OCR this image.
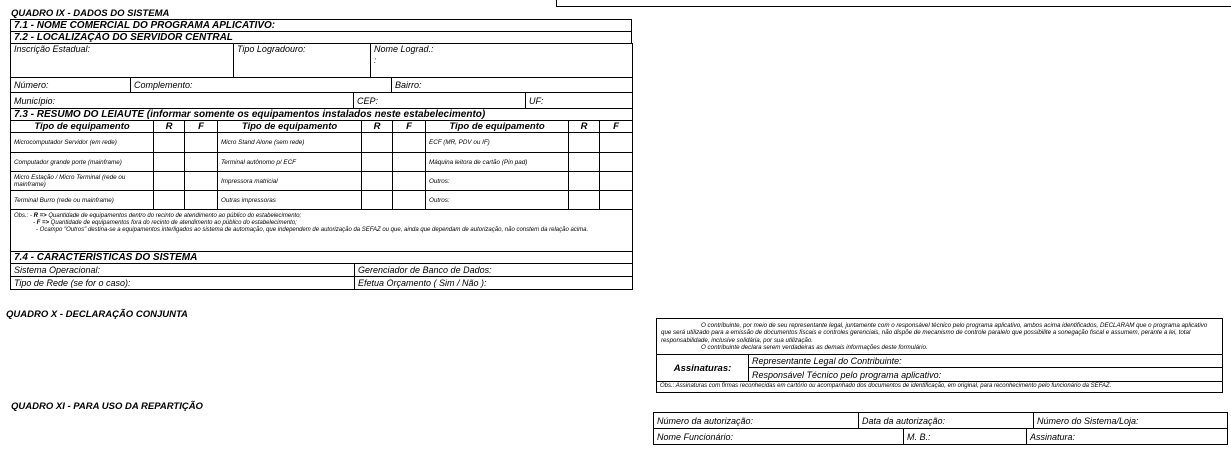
QUADRO IX - DADOS DO SISTEMA
7.1 - NOME COMERCIAL DO PROGRAMA APLICATIVO:
7.2 - LOCALIZAÇÃO DO SERVIDOR CENTRAL
Inscrição Estadual:	Tipo Logradouro:	Nome Lograd.:
:
Número:	Complemento:	Bairro:
Município:	CEP:	UF:
7.3 - RESUMO DO LEIAUTE (informar somente os equipamentos instalados neste estabelecimento)								
Tipo de equipamento	R	F	Tipo de equipamento	R	F	Tipo de equipamento	R	F
Microcomputador Servidor (em rede)			Micro Stand Alone (sem rede)			ECF (MR, PDV ou IF)		
Computador grande porte (mainframe)			Terminal autônomo p/ ECF			Máquina leitora de cartão (Pin pad)		
Micro Estação / Micro Terminal (rede ou mainframe)			Impressora matricial			Outros:		
Terminal Burro (rede ou mainframe)			Outras impressoras			Outros:		

Obs.: - R => Quantidade de equipamentos dentro do recinto de atendimento ao público do estabelecimento;
- F => Quantidade de equipamentos fora do recinto de atendimento ao público do estabelecimento;
- Ocampo "Outros" destina-se a equipamentos interligados ao sistema de automação, que independem de autorização da SEFAZ ou que, ainda que dependam de autorização, não constem da relação acima.								
7.4 - CARACTERÍSTICAS DO SISTEMA	
Sistema Operacional:	Gerenciador de Banco de Dados:
Tipo de Rede (se for o caso):	Efetua Orçamento ( Sim / Não ):
QUADRO X - DECLARAÇÃO CONJUNTA

O contribuinte, por meio de seu representante legal, juntamente com o responsável técnico pelo programa aplicativo, ambos acima identificados, DECLARAM que o programa aplicativo que será utilizado para a emissão de documentos fiscais e controles gerenciais, não dispõe de mecanismo de controle paralelo que possibilite a sonegação fiscal e assumem, perante a lei, total responsabilidade, inclusive solidária, por sua utilização.

O contribuinte declara serem verdadeiras as demais informações deste formulário.

Assinaturas:	Representante Legal do Contribuinte:
Responsável Técnico pelo programa aplicativo:
Obs.: Assinaturas com firmas reconhecidas em cartório ou acompanhado dos documentos de identificação, em original, para reconhecimento pelo funcionário da SEFAZ.
QUADRO XI - PARA USO DA REPARTIÇÃO
Número da autorização:	Data da autorização:	Número do Sistema/Loja:
Nome Funcionário:	M. B.:	Assinatura:
